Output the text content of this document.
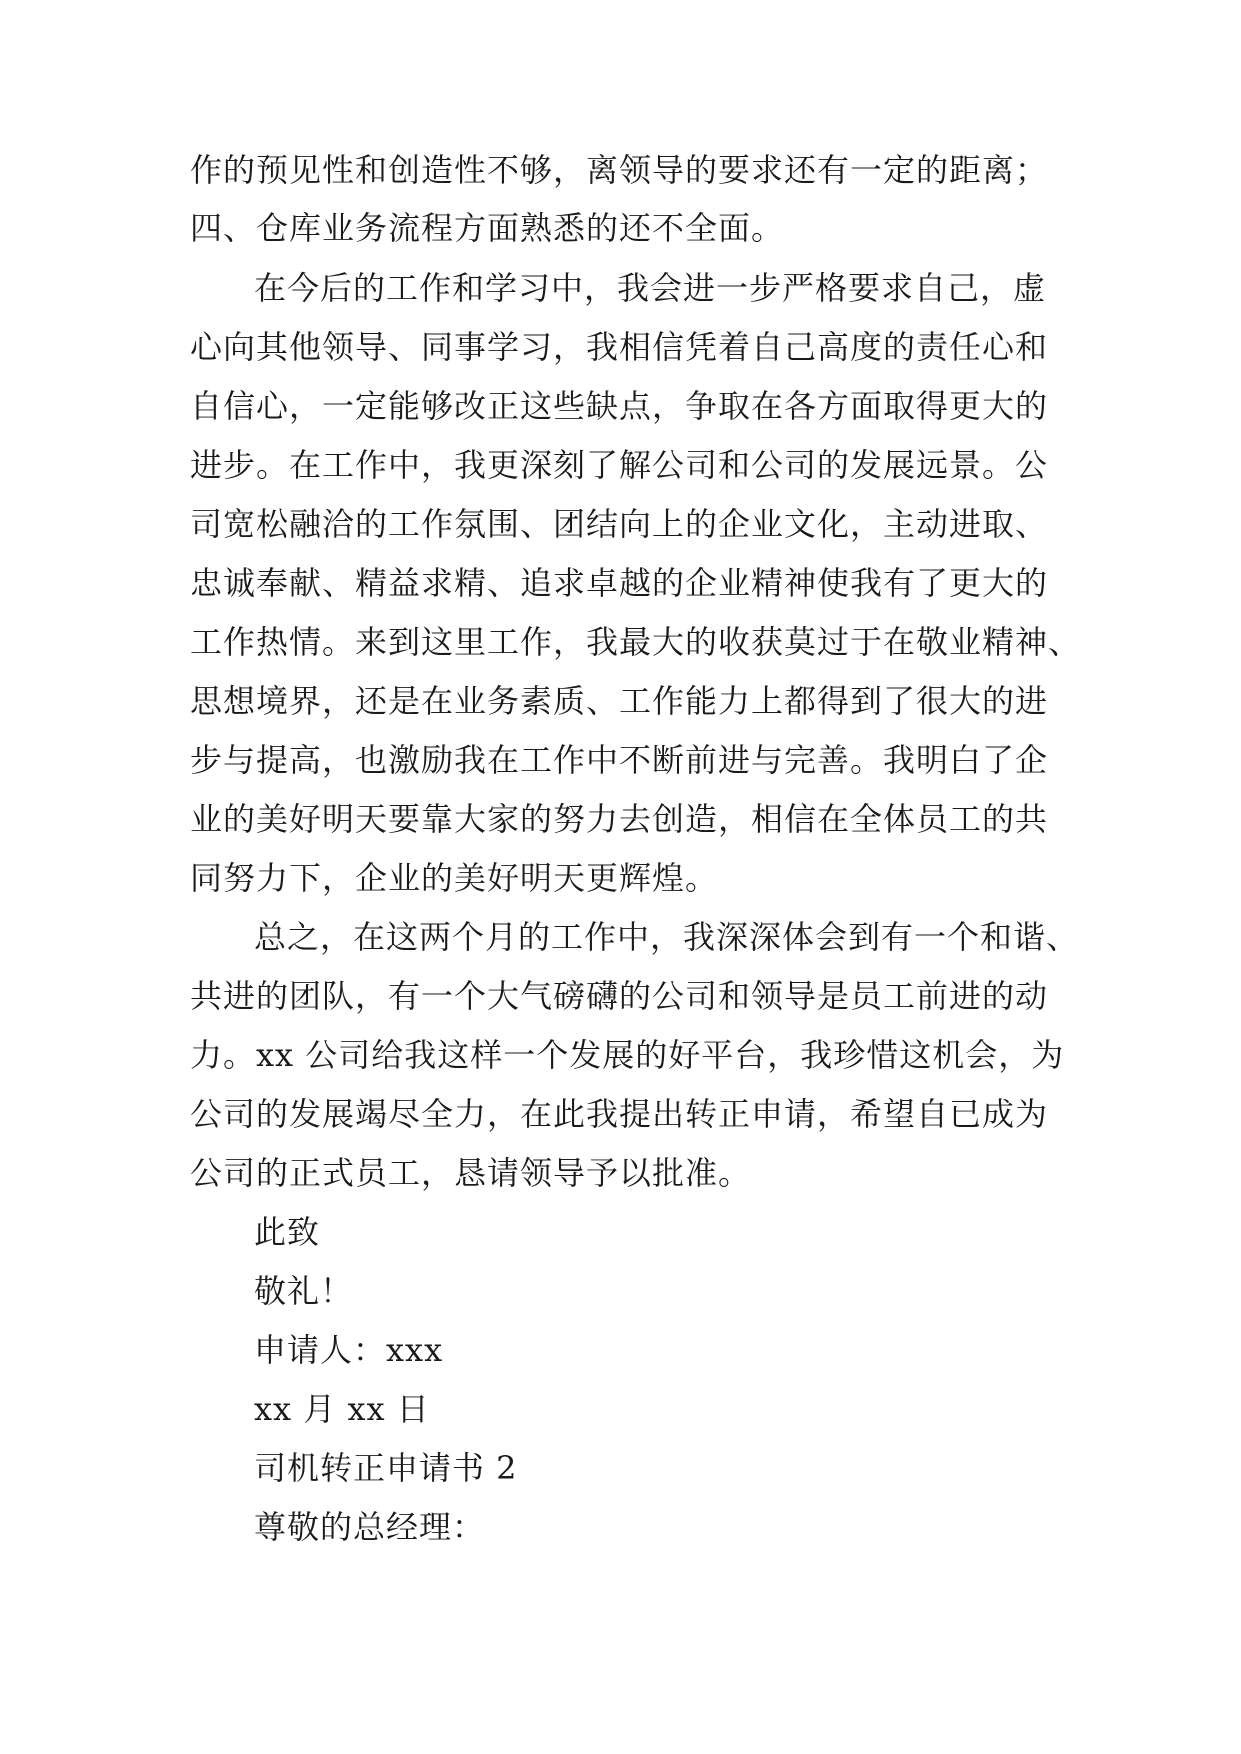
作的预见性和创造性不够，离领导的要求还有一定的距离；
四、仓库业务流程方面熟悉的还不全面。
在今后的工作和学习中，我会进一步严格要求自己，虚
心向其他领导、同事学习，我相信凭着自己高度的责任心和
自信心，一定能够改正这些缺点，争取在各方面取得更大的
进步。在工作中，我更深刻了解公司和公司的发展远景。公
司宽松融洽的工作氛围、团结向上的企业文化，主动进取、
忠诚奉献、精益求精、追求卓越的企业精神使我有了更大的
工作热情。来到这里工作，我最大的收获莫过于在敬业精神、
思想境界，还是在业务素质、工作能力上都得到了很大的进
步与提高，也激励我在工作中不断前进与完善。我明白了企
业的美好明天要靠大家的努力去创造，相信在全体员工的共
同努力下，企业的美好明天更辉煌。
总之，在这两个月的工作中，我深深体会到有一个和谐、
共进的团队，有一个大气磅礴的公司和领导是员工前进的动
力。xx 公司给我这样一个发展的好平台，我珍惜这机会，为
公司的发展竭尽全力，在此我提出转正申请，希望自已成为
公司的正式员工，恳请领导予以批准。
此致
敬礼！
申请人：xxx
xx 月 xx 日
司机转正申请书 2
尊敬的总经理：
